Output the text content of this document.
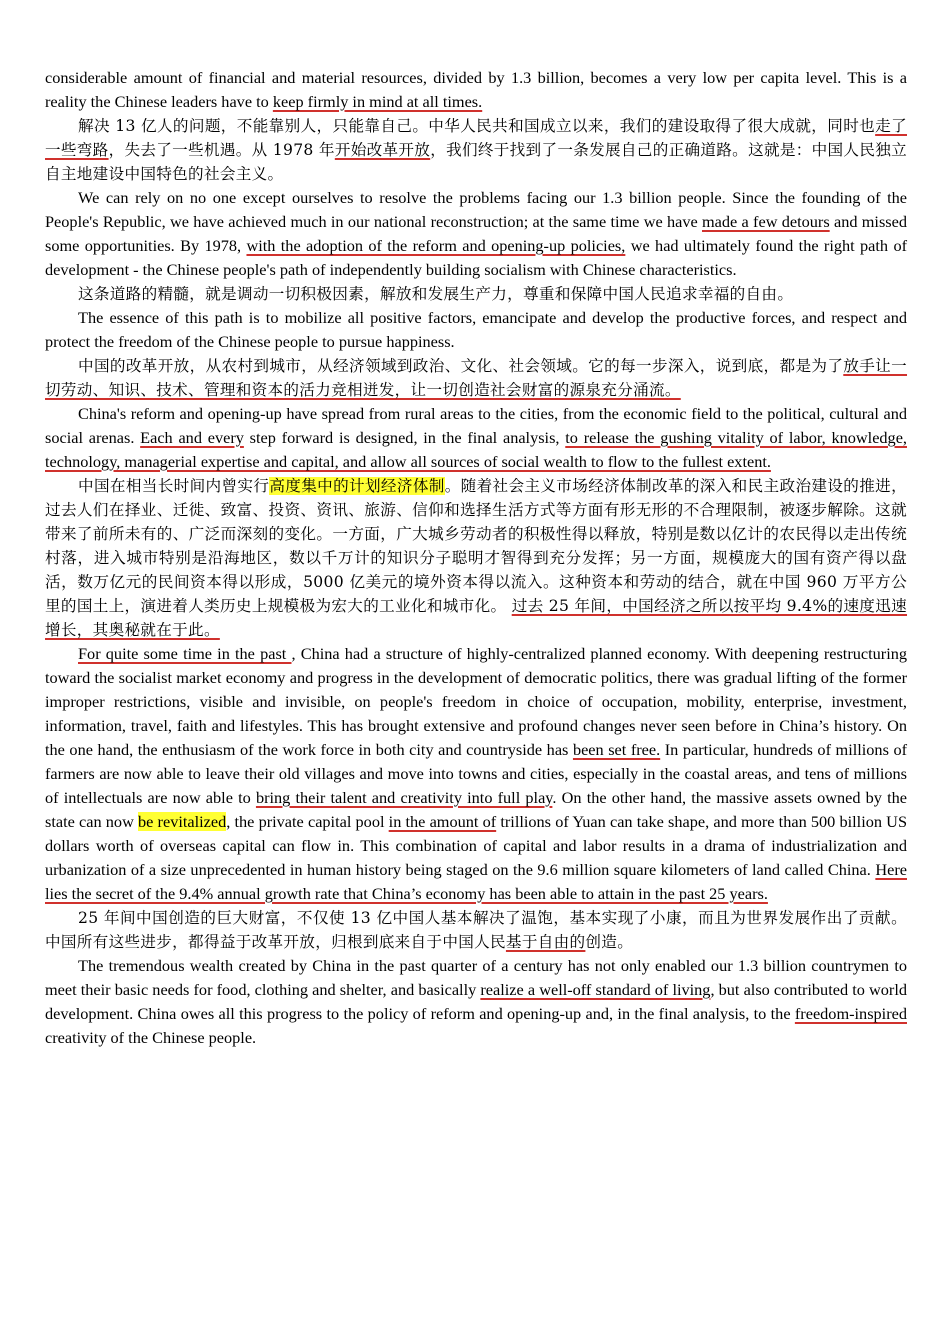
considerable amount of financial and material resources, divided by 1.3 billion, becomes a very low per capita level. This is a reality the Chinese leaders have to keep firmly in mind at all times.

解决 13 亿人的问题，不能靠别人，只能靠自己。中华人民共和国成立以来，我们的建设取得了很大成就，同时也走了一些弯路，失去了一些机遇。从 1978 年开始改革开放，我们终于找到了一条发展自己的正确道路。这就是：中国人民独立自主地建设中国特色的社会主义。

We can rely on no one except ourselves to resolve the problems facing our 1.3 billion people. Since the founding of the People's Republic, we have achieved much in our national reconstruction; at the same time we have made a few detours and missed some opportunities. By 1978, with the adoption of the reform and opening-up policies, we had ultimately found the right path of development - the Chinese people's path of independently building socialism with Chinese characteristics.

这条道路的精髓，就是调动一切积极因素，解放和发展生产力，尊重和保障中国人民追求幸福的自由。

The essence of this path is to mobilize all positive factors, emancipate and develop the productive forces, and respect and protect the freedom of the Chinese people to pursue happiness.

中国的改革开放，从农村到城市，从经济领域到政治、文化、社会领域。它的每一步深入，说到底，都是为了放手让一切劳动、知识、技术、管理和资本的活力竞相迸发，让一切创造社会财富的源泉充分涌流。

China's reform and opening-up have spread from rural areas to the cities, from the economic field to the political, cultural and social arenas. Each and every step forward is designed, in the final analysis, to release the gushing vitality of labor, knowledge, technology, managerial expertise and capital, and allow all sources of social wealth to flow to the fullest extent.

中国在相当长时间内曾实行高度集中的计划经济体制。随着社会主义市场经济体制改革的深入和民主政治建设的推进，过去人们在择业、迁徙、致富、投资、资讯、旅游、信仰和选择生活方式等方面有形无形的不合理限制，被逐步解除。这就带来了前所未有的、广泛而深刻的变化。一方面，广大城乡劳动者的积极性得以释放，特别是数以亿计的农民得以走出传统村落，进入城市特别是沿海地区，数以千万计的知识分子聪明才智得到充分发挥；另一方面，规模庞大的国有资产得以盘活，数万亿元的民间资本得以形成，5000 亿美元的境外资本得以流入。这种资本和劳动的结合，就在中国 960 万平方公里的国土上，演进着人类历史上规模极为宏大的工业化和城市化。 过去 25 年间，中国经济之所以按平均 9.4%的速度迅速增长，其奥秘就在于此。

For quite some time in the past , China had a structure of highly-centralized planned economy. With deepening restructuring toward the socialist market economy and progress in the development of democratic politics, there was gradual lifting of the former improper restrictions, visible and invisible, on people's freedom in choice of occupation, mobility, enterprise, investment, information, travel, faith and lifestyles. This has brought extensive and profound changes never seen before in China’s history. On the one hand, the enthusiasm of the work force in both city and countryside has been set free. In particular, hundreds of millions of farmers are now able to leave their old villages and move into towns and cities, especially in the coastal areas, and tens of millions of intellectuals are now able to bring their talent and creativity into full play. On the other hand, the massive assets owned by the state can now be revitalized, the private capital pool in the amount of trillions of Yuan can take shape, and more than 500 billion US dollars worth of overseas capital can flow in. This combination of capital and labor results in a drama of industrialization and urbanization of a size unprecedented in human history being staged on the 9.6 million square kilometers of land called China. Here lies the secret of the 9.4% annual growth rate that China’s economy has been able to attain in the past 25 years.

25 年间中国创造的巨大财富，不仅使 13 亿中国人基本解决了温饱，基本实现了小康，而且为世界发展作出了贡献。中国所有这些进步，都得益于改革开放，归根到底来自于中国人民基于自由的创造。

The tremendous wealth created by China in the past quarter of a century has not only enabled our 1.3 billion countrymen to meet their basic needs for food, clothing and shelter, and basically realize a well-off standard of living, but also contributed to world development. China owes all this progress to the policy of reform and opening-up and, in the final analysis, to the freedom-inspired creativity of the Chinese people.
